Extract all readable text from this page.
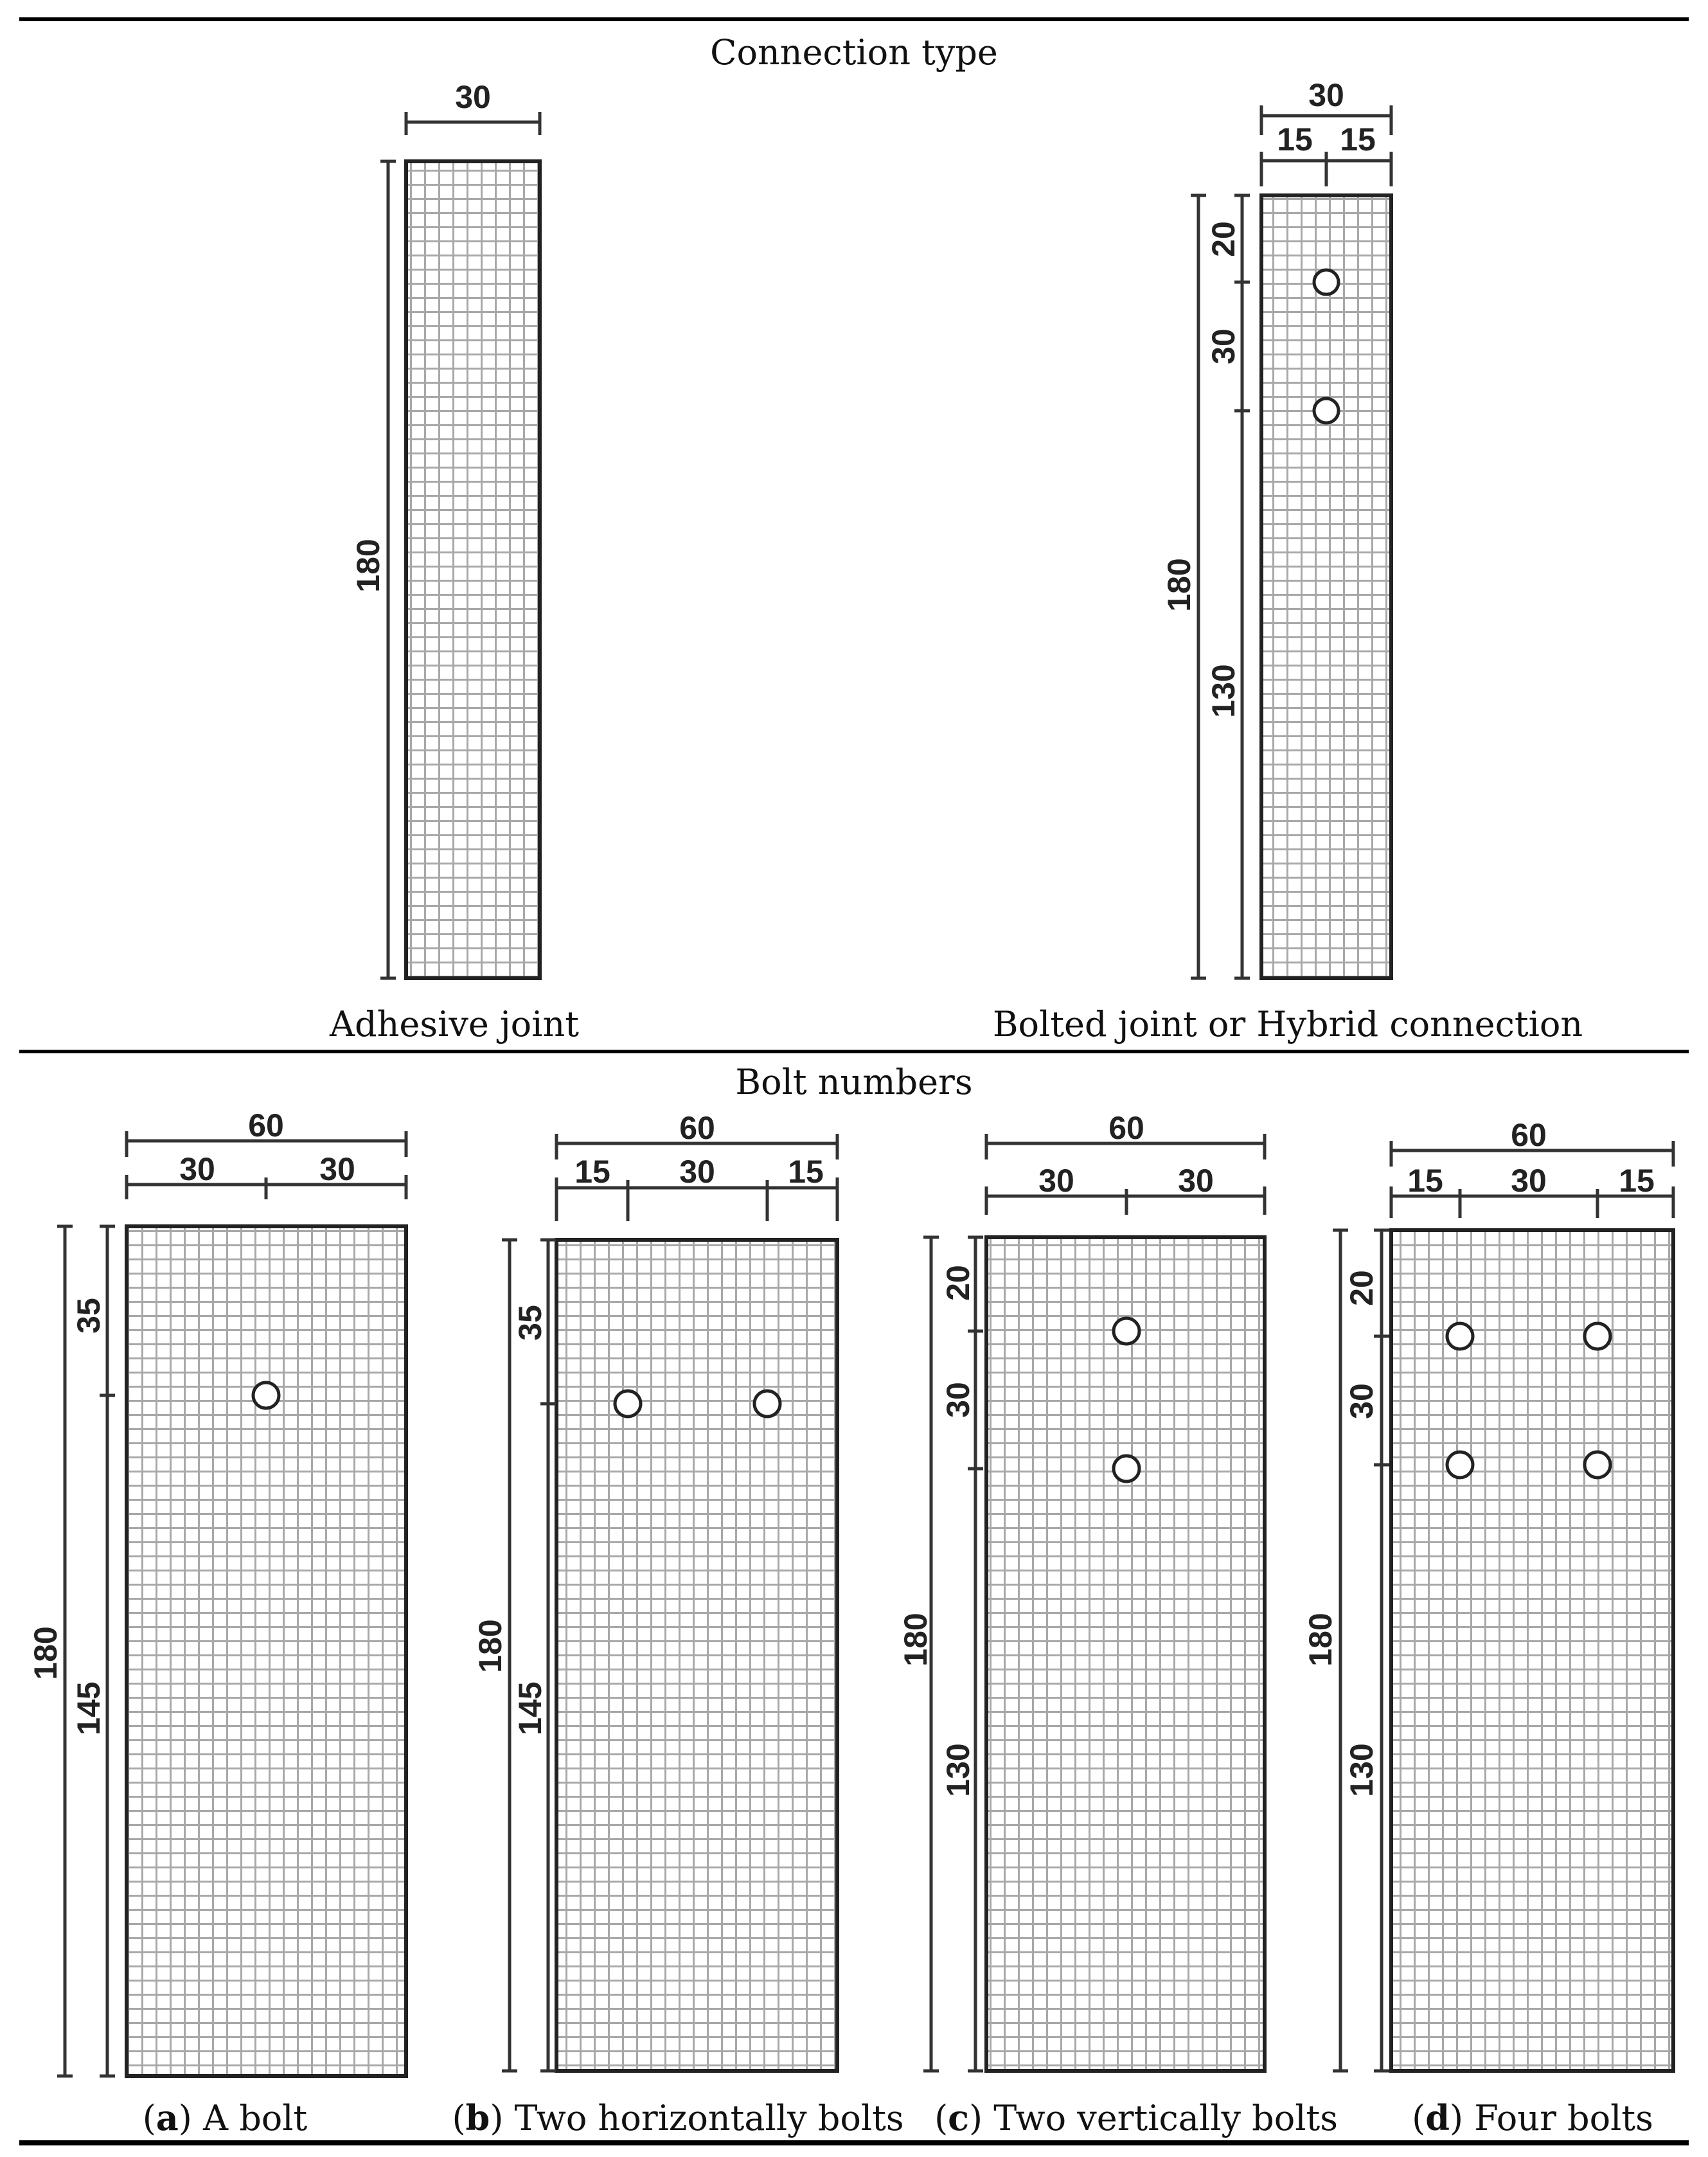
Connection type
30
180
Adhesive joint
30
15 15
180
20
30
130
Bolted joint or Hybrid connection
Bolt numbers
60
30	30
180
35
145
(a) A bolt
60
15 30 15
180
35
145
(b) Two horizontally bolts
60
30	30
180
20
30
130
(c) Two vertically bolts
60
15 30 15
180
20
30
130
(d) Four bolts
